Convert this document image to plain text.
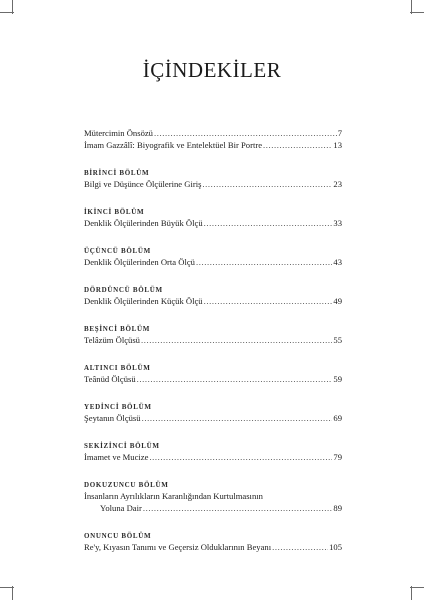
İÇİNDEKİLER
Mütercimin Önsözü .....	7
İmam Gazzâlî: Biyografik ve Entelektüel Bir Portre .....	13
BİRİNCİ BÖLÜM
Bilgi ve Düşünce Ölçülerine Giriş .....	23
İKİNCİ BÖLÜM
Denklik Ölçülerinden Büyük Ölçü .....	33
ÜÇÜNCÜ BÖLÜM
Denklik Ölçülerinden Orta Ölçü .....	43
DÖRDÜNCÜ BÖLÜM
Denklik Ölçülerinden Küçük Ölçü .....	49
BEŞİNCİ BÖLÜM
Telâzüm Ölçüsü .....	55
ALTINCI BÖLÜM
Teânüd Ölçüsü .....	59
YEDİNCİ BÖLÜM
Şeytanın Ölçüsü .....	69
SEKİZİNCİ BÖLÜM
İmamet ve Mucize .....	79
DOKUZUNCU BÖLÜM
İnsanların Ayrılıkların Karanlığından Kurtulmasının
Yoluna Dair .....	89
ONUNCU BÖLÜM
Re'y, Kıyasın Tanımı ve Geçersiz Olduklarının Beyanı .....	105
